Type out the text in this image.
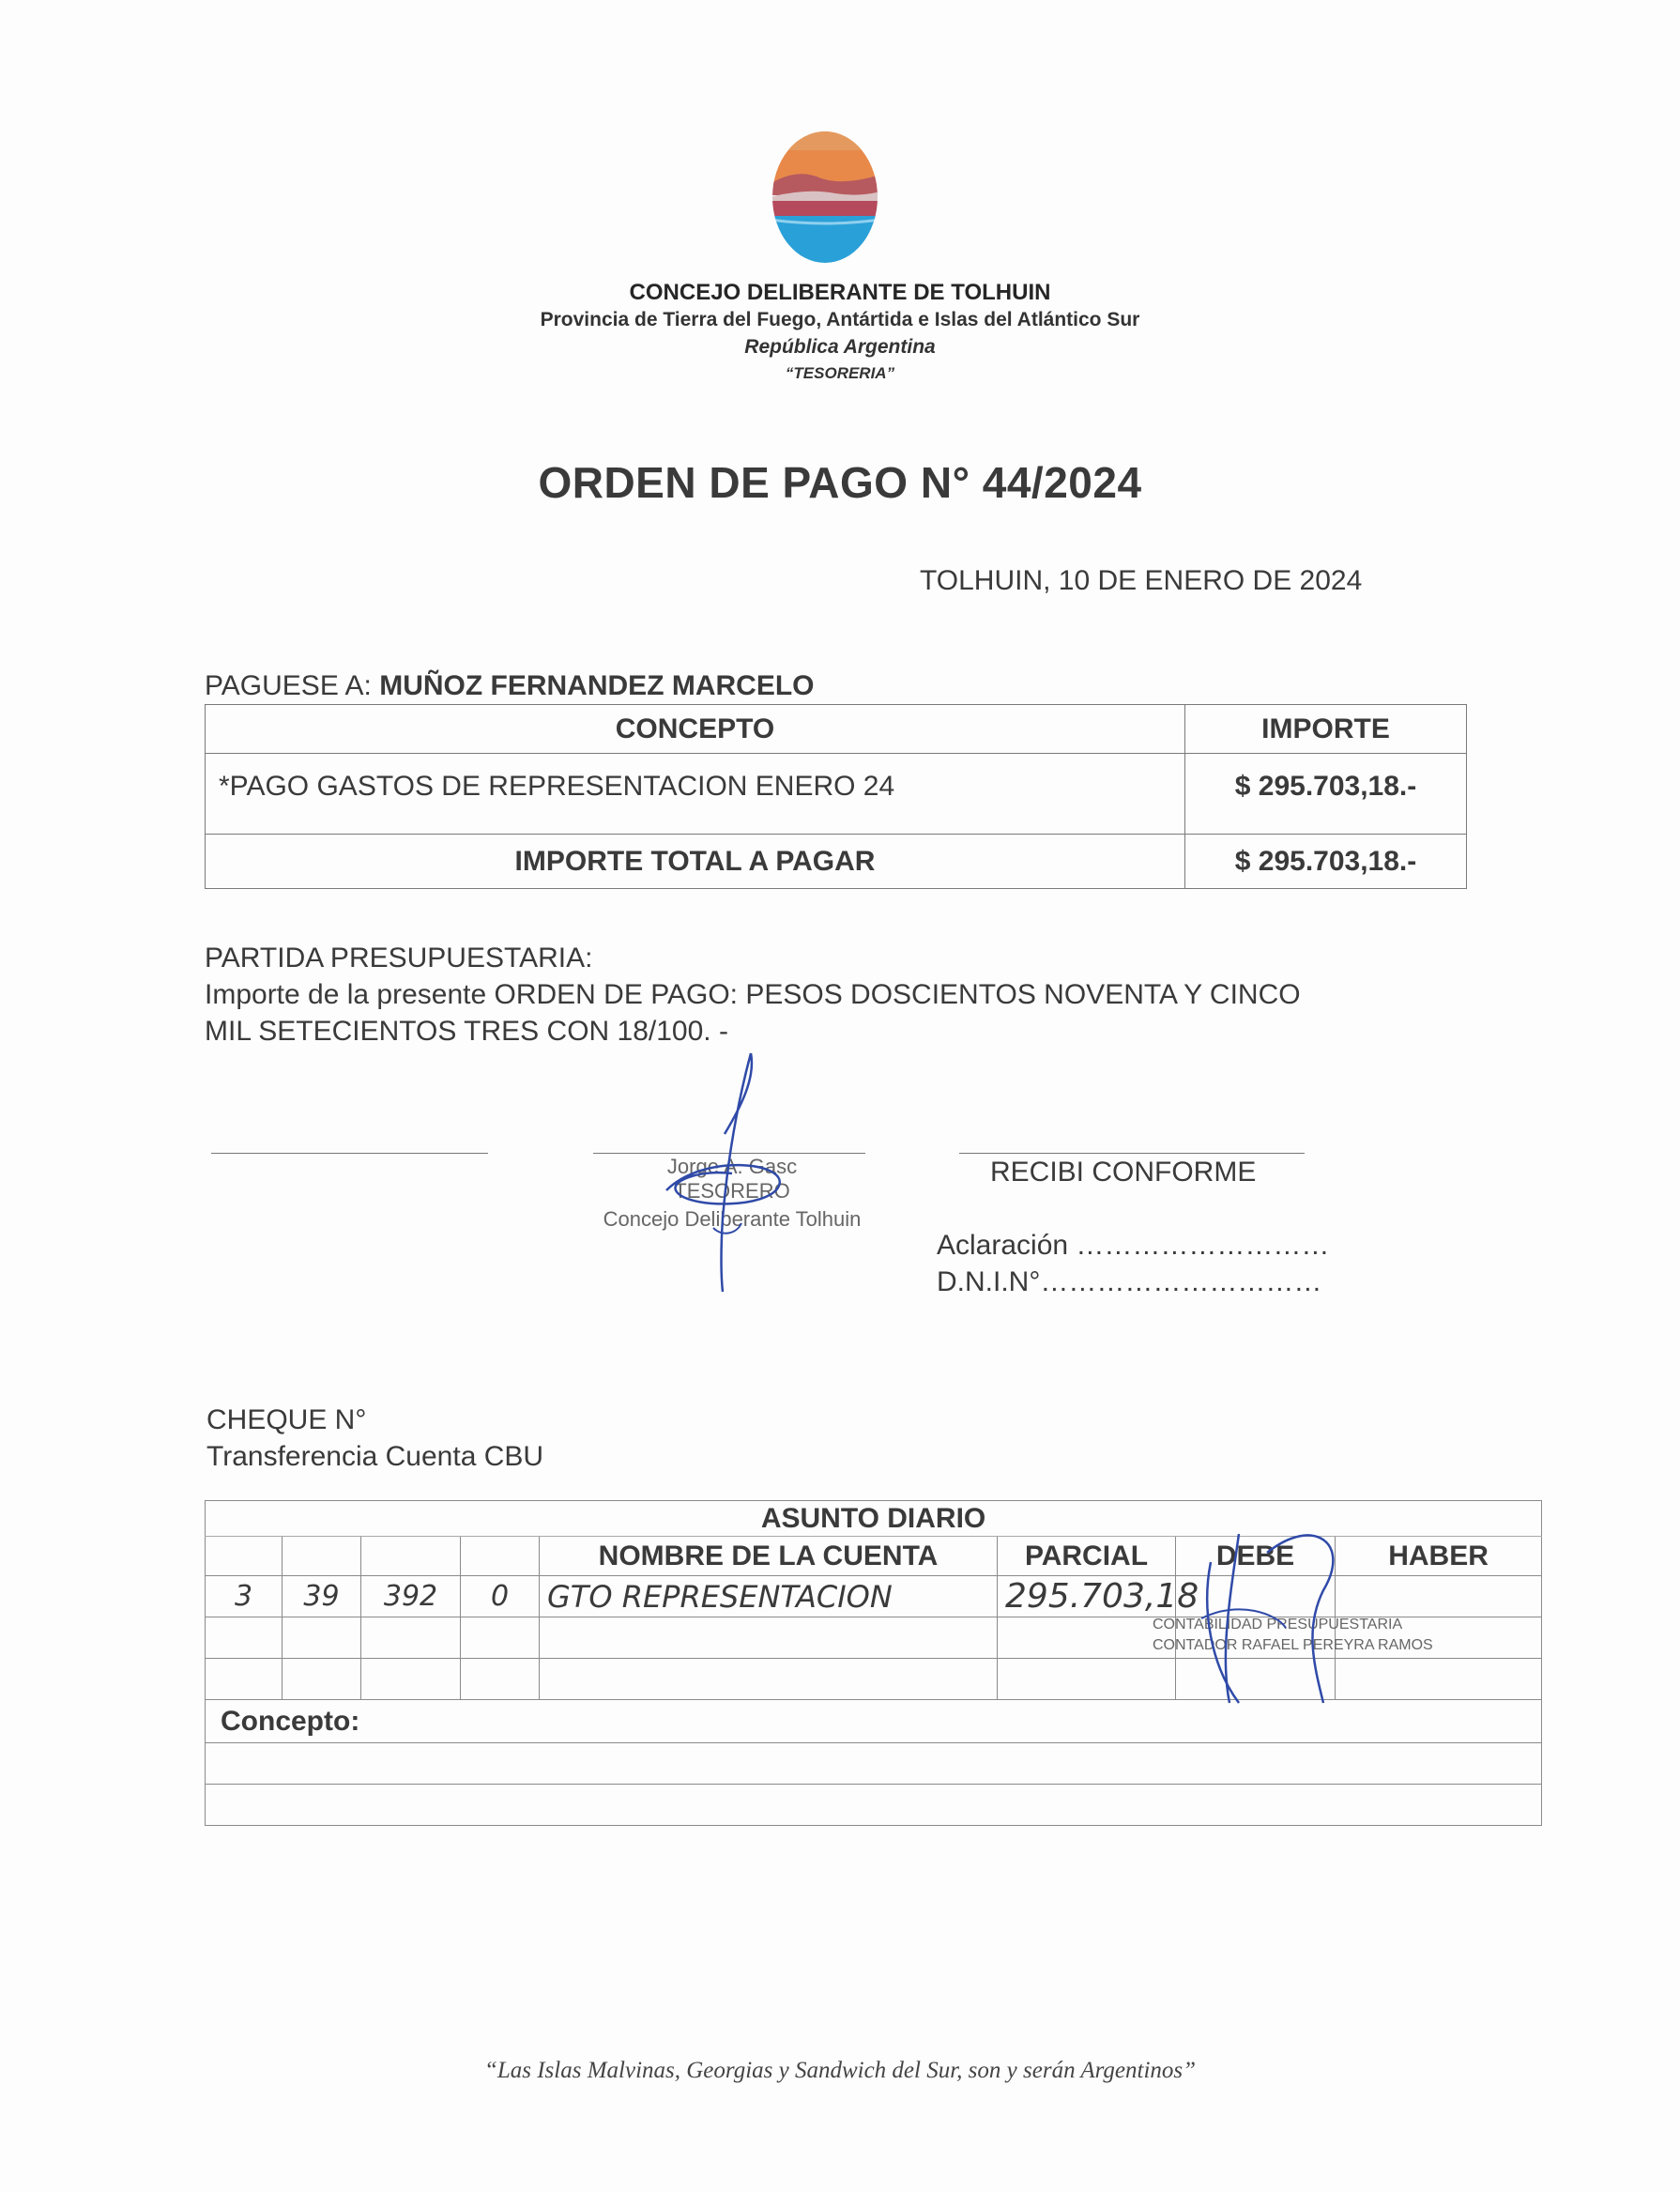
CONCEJO DELIBERANTE DE TOLHUIN
Provincia de Tierra del Fuego, Antártida e Islas del Atlántico Sur
República Argentina
“TESORERIA”
ORDEN DE PAGO N° 44/2024
TOLHUIN, 10 DE ENERO DE 2024
PAGUESE A: MUÑOZ FERNANDEZ MARCELO
CONCEPTO	IMPORTE
*PAGO GASTOS DE REPRESENTACION ENERO 24	$ 295.703,18.-
IMPORTE TOTAL A PAGAR	$ 295.703,18.-
PARTIDA PRESUPUESTARIA:
Importe de la presente ORDEN DE PAGO: PESOS DOSCIENTOS NOVENTA Y CINCO
MIL SETECIENTOS TRES CON 18/100. -
Jorge A. Gasc
TESORERO
Concejo Deliberante Tolhuin
RECIBI CONFORME
Aclaración ………………………
D.N.I.N°…………………………
CHEQUE N°
Transferencia Cuenta CBU
ASUNTO DIARIO							
				NOMBRE DE LA CUENTA	PARCIAL	DEBE	HABER
3	39	392	0	GTO REPRESENTACION	295.703,18		

Concepto:							

CONTABILIDAD PRESUPUESTARIA
CONTADOR RAFAEL PEREYRA RAMOS
“Las Islas Malvinas, Georgias y Sandwich del Sur, son y serán Argentinos”
